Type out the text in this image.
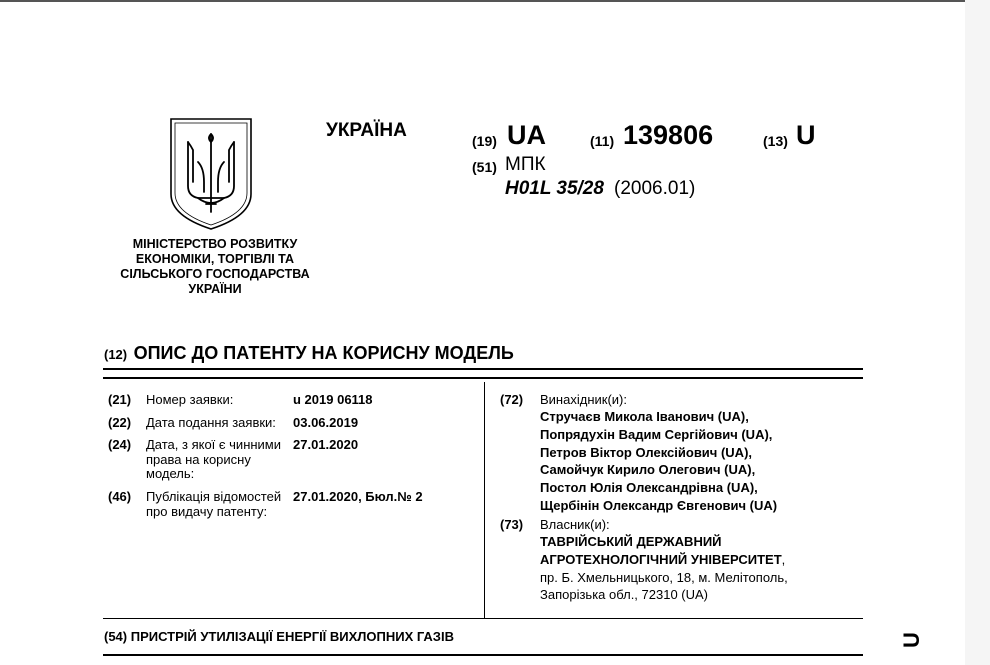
МІНІСТЕРСТВО РОЗВИТКУ
ЕКОНОМІКИ, ТОРГІВЛІ ТА
СІЛЬСЬКОГО ГОСПОДАРСТВА
УКРАЇНИ
УКРАЇНА	(19) UA	(11) 139806	(13) U
(51) МПК
H01L 35/28 (2006.01)
(12) ОПИС ДО ПАТЕНТУ НА КОРИСНУ МОДЕЛЬ
(21) Номер заявки:	u 2019 06118
(22) Дата подання заявки: 03.06.2019
(24) Дата, з якої є чинними
права на корисну
модель:
27.01.2020
(46) Публікація відомостей
про видачу патенту:
27.01.2020, Бюл.№ 2
(72) Винахідник(и):
Стручаєв Микола Іванович (UA),
Попрядухін Вадим Сергійович (UA),
Петров Віктор Олексійович (UA),
Самойчук Кирило Олегович (UA),
Постол Юлія Олександрівна (UA),
Щербінін Олександр Євгенович (UA)
(73) Власник(и):
ТАВРІЙСЬКИЙ ДЕРЖАВНИЙ
АГРОТЕХНОЛОГІЧНИЙ УНІВЕРСИТЕТ,
пр. Б. Хмельницького, 18, м. Мелітополь,
Запорізька обл., 72310 (UA)
(54) ПРИСТРІЙ УТИЛІЗАЦІЇ ЕНЕРГІЇ ВИХЛОПНИХ ГАЗІВ	U
